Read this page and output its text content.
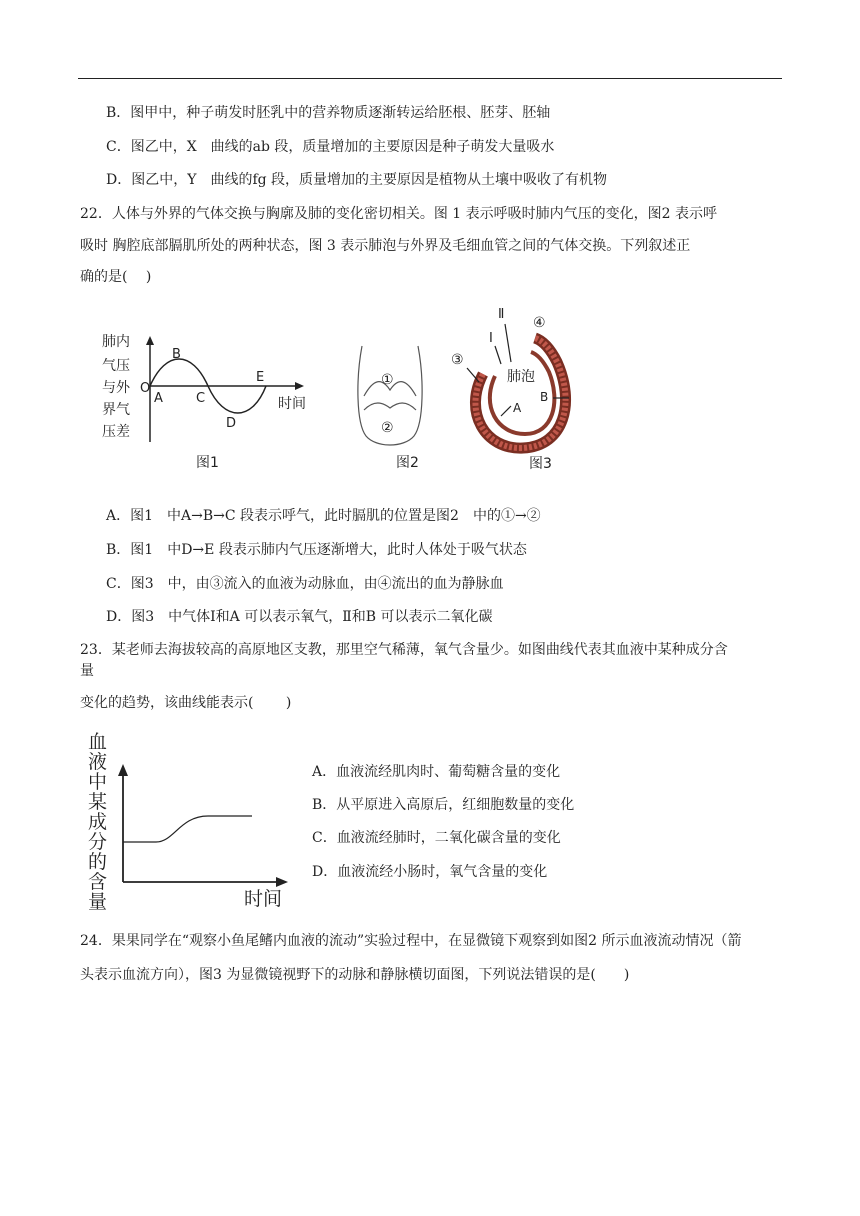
B．图甲中，种子萌发时胚乳中的营养物质逐渐转运给胚根、胚芽、胚轴
C．图乙中，X　曲线的ab 段，质量增加的主要原因是种子萌发大量吸水
D．图乙中，Y　曲线的fg 段，质量增加的主要原因是植物从土壤中吸收了有机物
22．人体与外界的气体交换与胸廓及肺的变化密切相关。图 1 表示呼吸时肺内气压的变化，图2 表示呼
吸时 胸腔底部膈肌所处的两种状态，图 3 表示肺泡与外界及毛细血管之间的气体交换。下列叙述正
确的是(　 )
肺内
气压
与外
界气
压差
O
A
B
C
D
E
时间
图1
①
②
图2
肺泡
Ⅰ
Ⅱ
④
③
A
B
图3
A．图1　中A→B→C 段表示呼气，此时膈肌的位置是图2　中的①→②
B．图1　中D→E 段表示肺内气压逐渐增大，此时人体处于吸气状态
C．图3　中，由③流入的血液为动脉血，由④流出的血为静脉血
D．图3　中气体Ⅰ和A 可以表示氧气，Ⅱ和B 可以表示二氧化碳
23．某老师去海拔较高的高原地区支教，那里空气稀薄，氧气含量少。如图曲线代表其血液中某种成分含
量
变化的趋势，该曲线能表示(　　 )
血
液
中
某
成
分
的
含
量	时间
A．血液流经肌肉时、葡萄糖含量的变化
B．从平原进入高原后，红细胞数量的变化
C．血液流经肺时，二氧化碳含量的变化
D．血液流经小肠时，氧气含量的变化
24．果果同学在“观察小鱼尾鳍内血液的流动”实验过程中，在显微镜下观察到如图2 所示血液流动情况（箭
头表示血流方向），图3 为显微镜视野下的动脉和静脉横切面图，下列说法错误的是(　　)
